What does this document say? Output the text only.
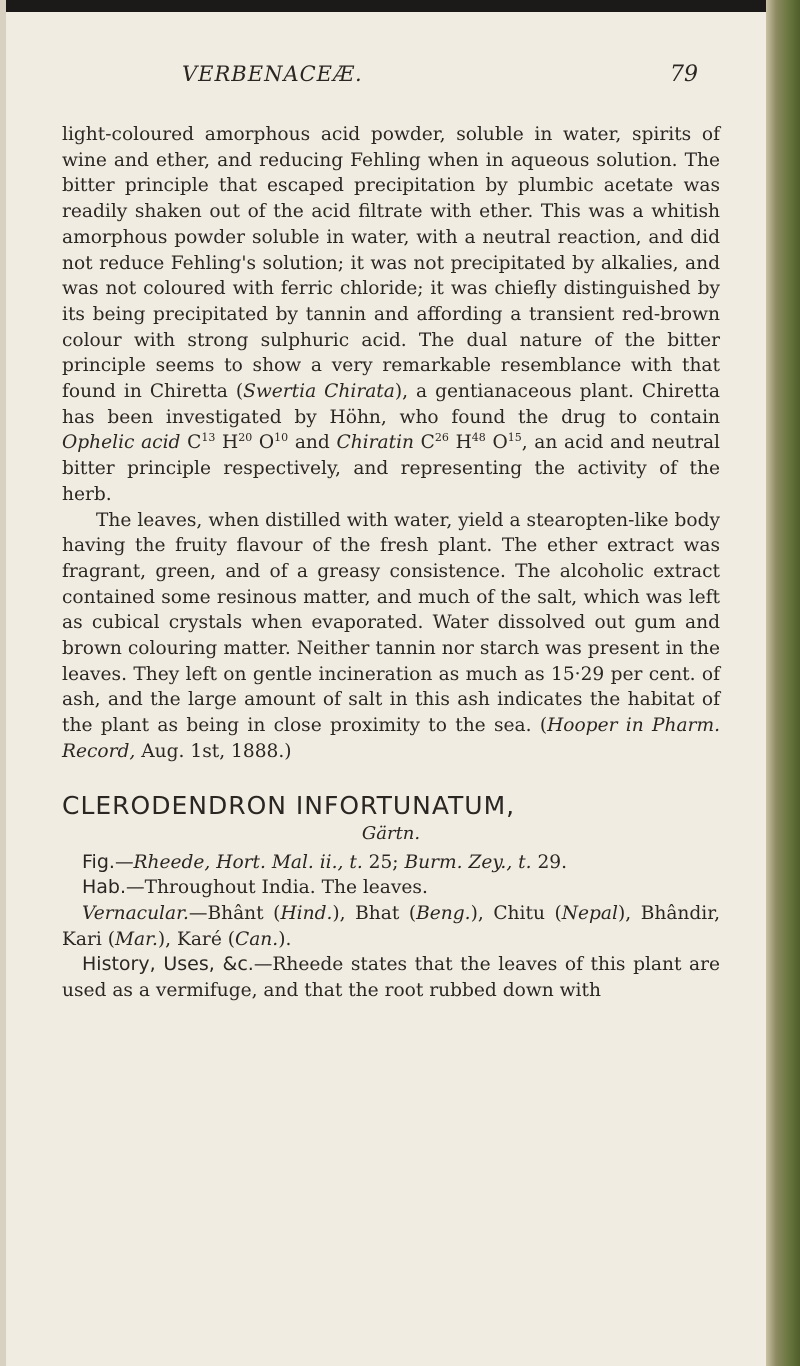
VERBENACEÆ.	79

light-coloured amorphous acid powder, soluble in water, spirits of wine and ether, and reducing Fehling when in aqueous solution. The bitter principle that escaped precipitation by plumbic acetate was readily shaken out of the acid filtrate with ether. This was a whitish amorphous powder soluble in water, with a neutral reaction, and did not reduce Fehling's solution; it was not precipitated by alkalies, and was not coloured with ferric chloride; it was chiefly distinguished by its being precipitated by tannin and affording a transient red-brown colour with strong sulphuric acid. The dual nature of the bitter principle seems to show a very remarkable resemblance with that found in Chiretta (Swertia Chirata), a gentianaceous plant. Chiretta has been investigated by Höhn, who found the drug to contain Ophelic acid $C^{13}$ $H^{20}$ $O^{10}$ and Chiratin $C^{26}$ $H^{48}$ $O^{15}$, an acid and neutral bitter principle respectively, and representing the activity of the herb.

The leaves, when distilled with water, yield a stearopten-like body having the fruity flavour of the fresh plant. The ether extract was fragrant, green, and of a greasy consistence. The alcoholic extract contained some resinous matter, and much of the salt, which was left as cubical crystals when evaporated. Water dissolved out gum and brown colouring matter. Neither tannin nor starch was present in the leaves. They left on gentle incineration as much as 15·29 per cent. of ash, and the large amount of salt in this ash indicates the habitat of the plant as being in close proximity to the sea. (Hooper in Pharm. Record, Aug. 1st, 1888.)

CLERODENDRON INFORTUNATUM,
Gärtn.

Fig.—Rheede, Hort. Mal. ii., t. 25; Burm. Zey., t. 29.

Hab.—Throughout India. The leaves.

Vernacular.—Bhânt (Hind.), Bhat (Beng.), Chitu (Nepal), Bhândir, Kari (Mar.), Karé (Can.).

History, Uses, &c.—Rheede states that the leaves of this plant are used as a vermifuge, and that the root rubbed down with
